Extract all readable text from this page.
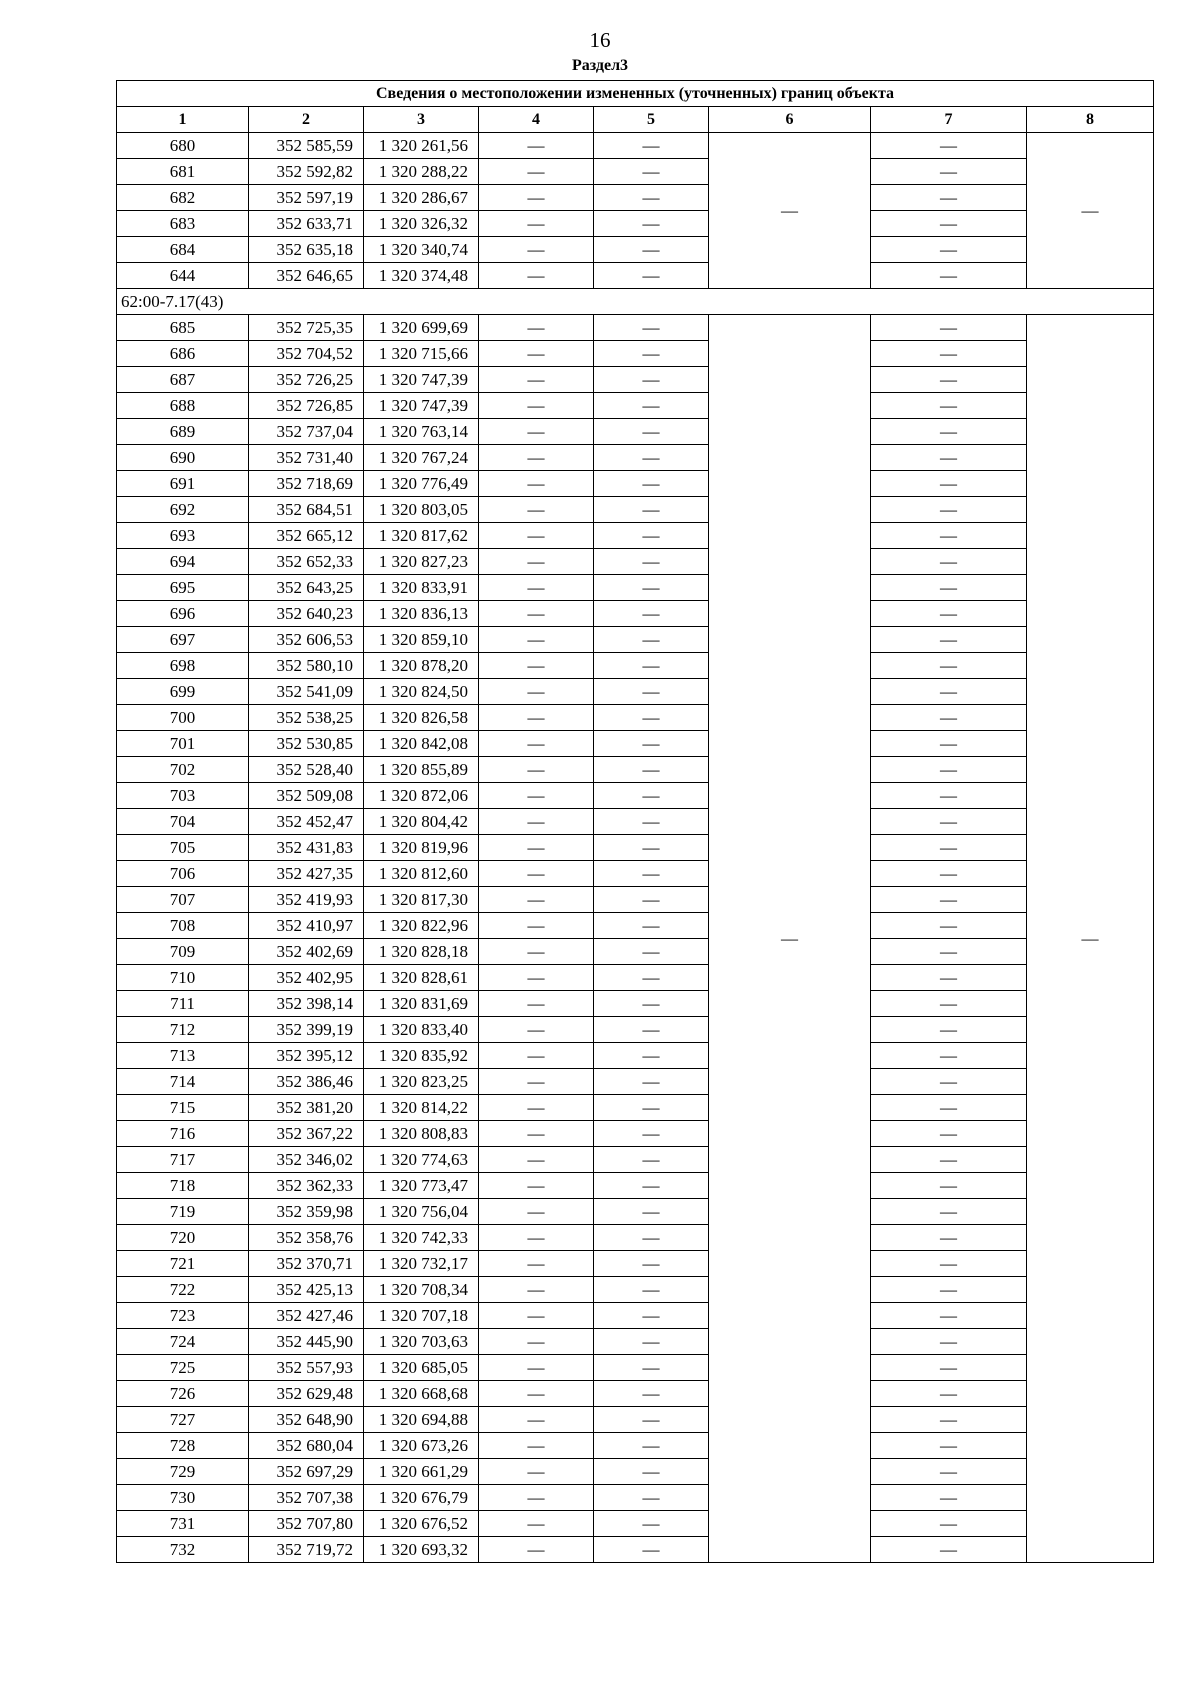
16
Раздел3
Сведения о местоположении измененных (уточненных) границ объекта							
1	2	3	4	5	6	7	8
680	352 585,59	1 320 261,56	—	—	—	—	—
681	352 592,82	1 320 288,22	—	—		—	
682	352 597,19	1 320 286,67	—	—		—	
683	352 633,71	1 320 326,32	—	—		—	
684	352 635,18	1 320 340,74	—	—		—	
644	352 646,65	1 320 374,48	—	—		—	
62:00-7.17(43)							
685	352 725,35	1 320 699,69	—	—	—	—	—
686	352 704,52	1 320 715,66	—	—		—	
687	352 726,25	1 320 747,39	—	—		—	
688	352 726,85	1 320 747,39	—	—		—	
689	352 737,04	1 320 763,14	—	—		—	
690	352 731,40	1 320 767,24	—	—		—	
691	352 718,69	1 320 776,49	—	—		—	
692	352 684,51	1 320 803,05	—	—		—	
693	352 665,12	1 320 817,62	—	—		—	
694	352 652,33	1 320 827,23	—	—		—	
695	352 643,25	1 320 833,91	—	—		—	
696	352 640,23	1 320 836,13	—	—		—	
697	352 606,53	1 320 859,10	—	—		—	
698	352 580,10	1 320 878,20	—	—		—	
699	352 541,09	1 320 824,50	—	—		—	
700	352 538,25	1 320 826,58	—	—		—	
701	352 530,85	1 320 842,08	—	—		—	
702	352 528,40	1 320 855,89	—	—		—	
703	352 509,08	1 320 872,06	—	—		—	
704	352 452,47	1 320 804,42	—	—		—	
705	352 431,83	1 320 819,96	—	—		—	
706	352 427,35	1 320 812,60	—	—		—	
707	352 419,93	1 320 817,30	—	—		—	
708	352 410,97	1 320 822,96	—	—		—	
709	352 402,69	1 320 828,18	—	—		—	
710	352 402,95	1 320 828,61	—	—		—	
711	352 398,14	1 320 831,69	—	—		—	
712	352 399,19	1 320 833,40	—	—		—	
713	352 395,12	1 320 835,92	—	—		—	
714	352 386,46	1 320 823,25	—	—		—	
715	352 381,20	1 320 814,22	—	—		—	
716	352 367,22	1 320 808,83	—	—		—	
717	352 346,02	1 320 774,63	—	—		—	
718	352 362,33	1 320 773,47	—	—		—	
719	352 359,98	1 320 756,04	—	—		—	
720	352 358,76	1 320 742,33	—	—		—	
721	352 370,71	1 320 732,17	—	—		—	
722	352 425,13	1 320 708,34	—	—		—	
723	352 427,46	1 320 707,18	—	—		—	
724	352 445,90	1 320 703,63	—	—		—	
725	352 557,93	1 320 685,05	—	—		—	
726	352 629,48	1 320 668,68	—	—		—	
727	352 648,90	1 320 694,88	—	—		—	
728	352 680,04	1 320 673,26	—	—		—	
729	352 697,29	1 320 661,29	—	—		—	
730	352 707,38	1 320 676,79	—	—		—	
731	352 707,80	1 320 676,52	—	—		—	
732	352 719,72	1 320 693,32	—	—		—	
